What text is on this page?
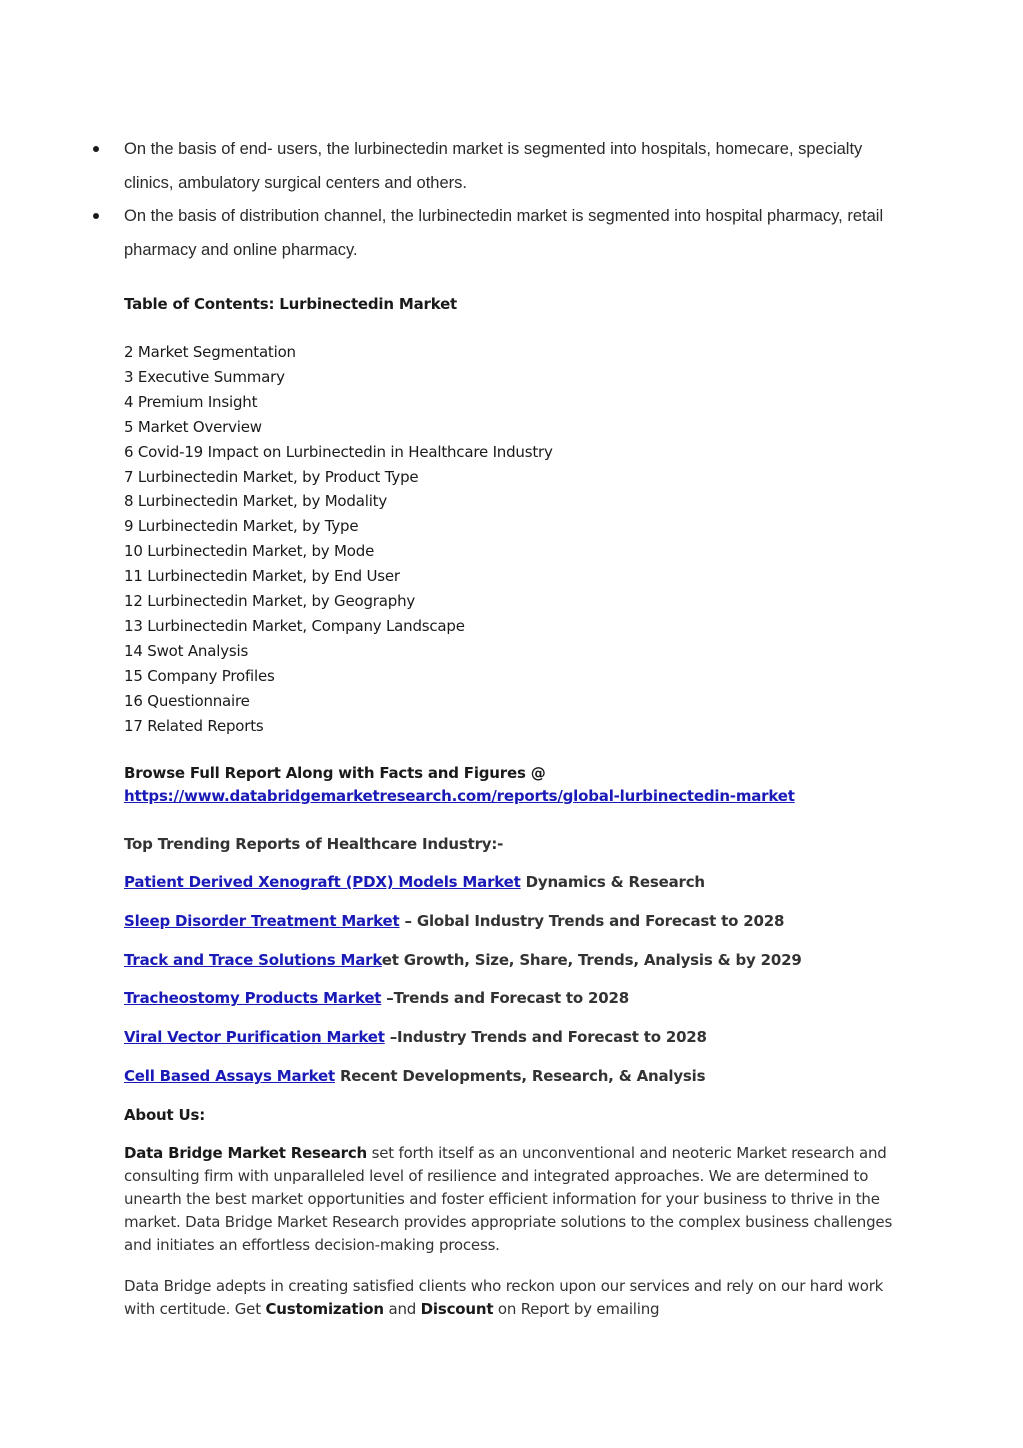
On the basis of end- users, the lurbinectedin market is segmented into hospitals, homecare, specialty clinics, ambulatory surgical centers and others.
On the basis of distribution channel, the lurbinectedin market is segmented into hospital pharmacy, retail pharmacy and online pharmacy.
Table of Contents: Lurbinectedin Market
2 Market Segmentation
3 Executive Summary
4 Premium Insight
5 Market Overview
6 Covid-19 Impact on Lurbinectedin in Healthcare Industry
7 Lurbinectedin Market, by Product Type
8 Lurbinectedin Market, by Modality
9 Lurbinectedin Market, by Type
10 Lurbinectedin Market, by Mode
11 Lurbinectedin Market, by End User
12 Lurbinectedin Market, by Geography
13 Lurbinectedin Market, Company Landscape
14 Swot Analysis
15 Company Profiles
16 Questionnaire
17 Related Reports
Browse Full Report Along with Facts and Figures @
https://www.databridgemarketresearch.com/reports/global-lurbinectedin-market
Top Trending Reports of Healthcare Industry:-
Patient Derived Xenograft (PDX) Models Market Dynamics & Research
Sleep Disorder Treatment Market – Global Industry Trends and Forecast to 2028
Track and Trace Solutions Market Growth, Size, Share, Trends, Analysis & by 2029
Tracheostomy Products Market –Trends and Forecast to 2028
Viral Vector Purification Market –Industry Trends and Forecast to 2028
Cell Based Assays Market Recent Developments, Research, & Analysis
About Us:

Data Bridge Market Research set forth itself as an unconventional and neoteric Market research and consulting firm with unparalleled level of resilience and integrated approaches. We are determined to unearth the best market opportunities and foster efficient information for your business to thrive in the market. Data Bridge Market Research provides appropriate solutions to the complex business challenges and initiates an effortless decision-making process.

Data Bridge adepts in creating satisfied clients who reckon upon our services and rely on our hard work with certitude. Get Customization and Discount on Report by emailing
